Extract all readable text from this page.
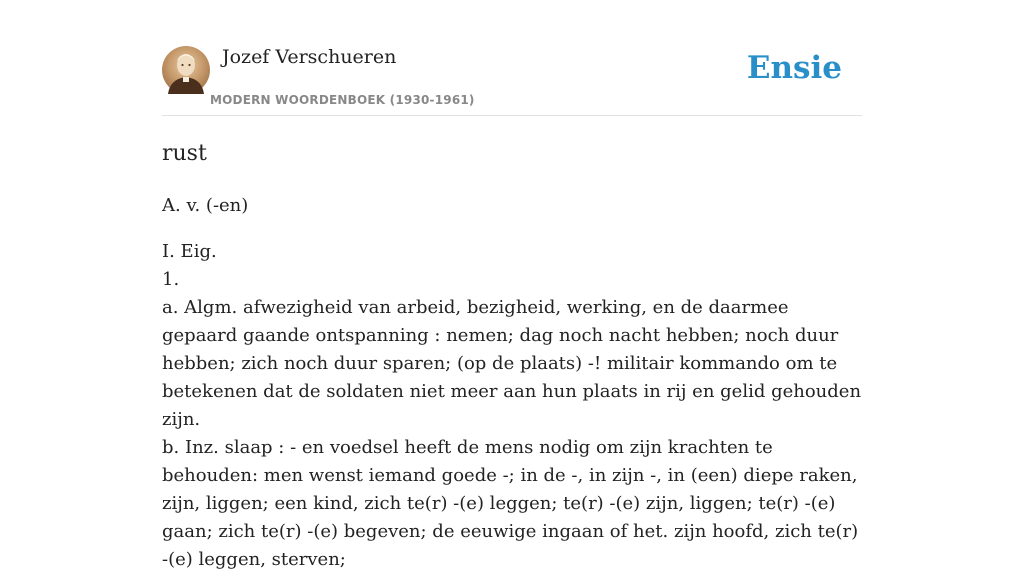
Jozef Verschueren
MODERN WOORDENBOEK (1930-1961)
Ensie
rust

A. v. (-en)

I. Eig.
1.
a. Algm. afwezigheid van arbeid, bezigheid, werking, en de daarmee gepaard gaande ontspanning : nemen; dag noch nacht hebben; noch duur hebben; zich noch duur sparen; (op de plaats) -! militair kommando om te betekenen dat de soldaten niet meer aan hun plaats in rij en gelid gehouden zijn.
b. Inz. slaap : - en voedsel heeft de mens nodig om zijn krachten te behouden: men wenst iemand goede -; in de -, in zijn -, in (een) diepe raken, zijn, liggen; een kind, zich te(r) -(e) leggen; te(r) -(e) zijn, liggen; te(r) -(e) gaan; zich te(r) -(e) begeven; de eeuwige ingaan of het. zijn hoofd, zich te(r) -(e) leggen, sterven;
